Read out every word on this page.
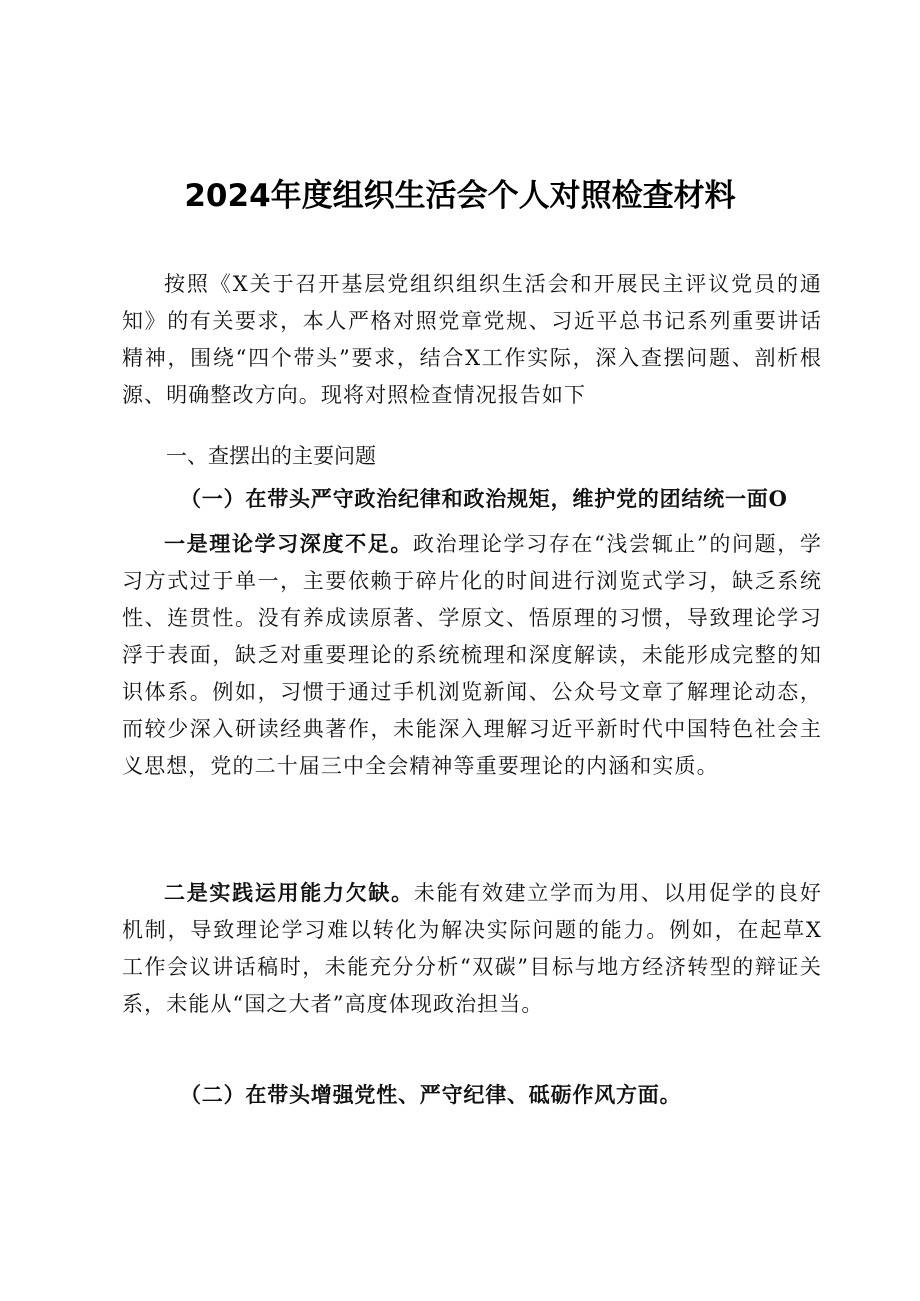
2024年度组织生活会个人对照检查材料
按照《X关于召开基层党组织组织生活会和开展民主评议党员的通知》的有关要求，本人严格对照党章党规、习近平总书记系列重要讲话精神，围绕“四个带头”要求，结合X工作实际，深入查摆问题、剖析根源、明确整改方向。现将对照检查情况报告如下
一、查摆出的主要问题
（一）在带头严守政治纪律和政治规矩，维护党的团结统一面O
一是理论学习深度不足。政治理论学习存在“浅尝辄止”的问题，学习方式过于单一，主要依赖于碎片化的时间进行浏览式学习，缺乏系统性、连贯性。没有养成读原著、学原文、悟原理的习惯，导致理论学习浮于表面，缺乏对重要理论的系统梳理和深度解读，未能形成完整的知识体系。例如，习惯于通过手机浏览新闻、公众号文章了解理论动态，而较少深入研读经典著作，未能深入理解习近平新时代中国特色社会主义思想，党的二十届三中全会精神等重要理论的内涵和实质。
二是实践运用能力欠缺。未能有效建立学而为用、以用促学的良好机制，导致理论学习难以转化为解决实际问题的能力。例如，在起草X工作会议讲话稿时，未能充分分析“双碳”目标与地方经济转型的辩证关系，未能从“国之大者”高度体现政治担当。
（二）在带头增强党性、严守纪律、砥砺作风方面。
